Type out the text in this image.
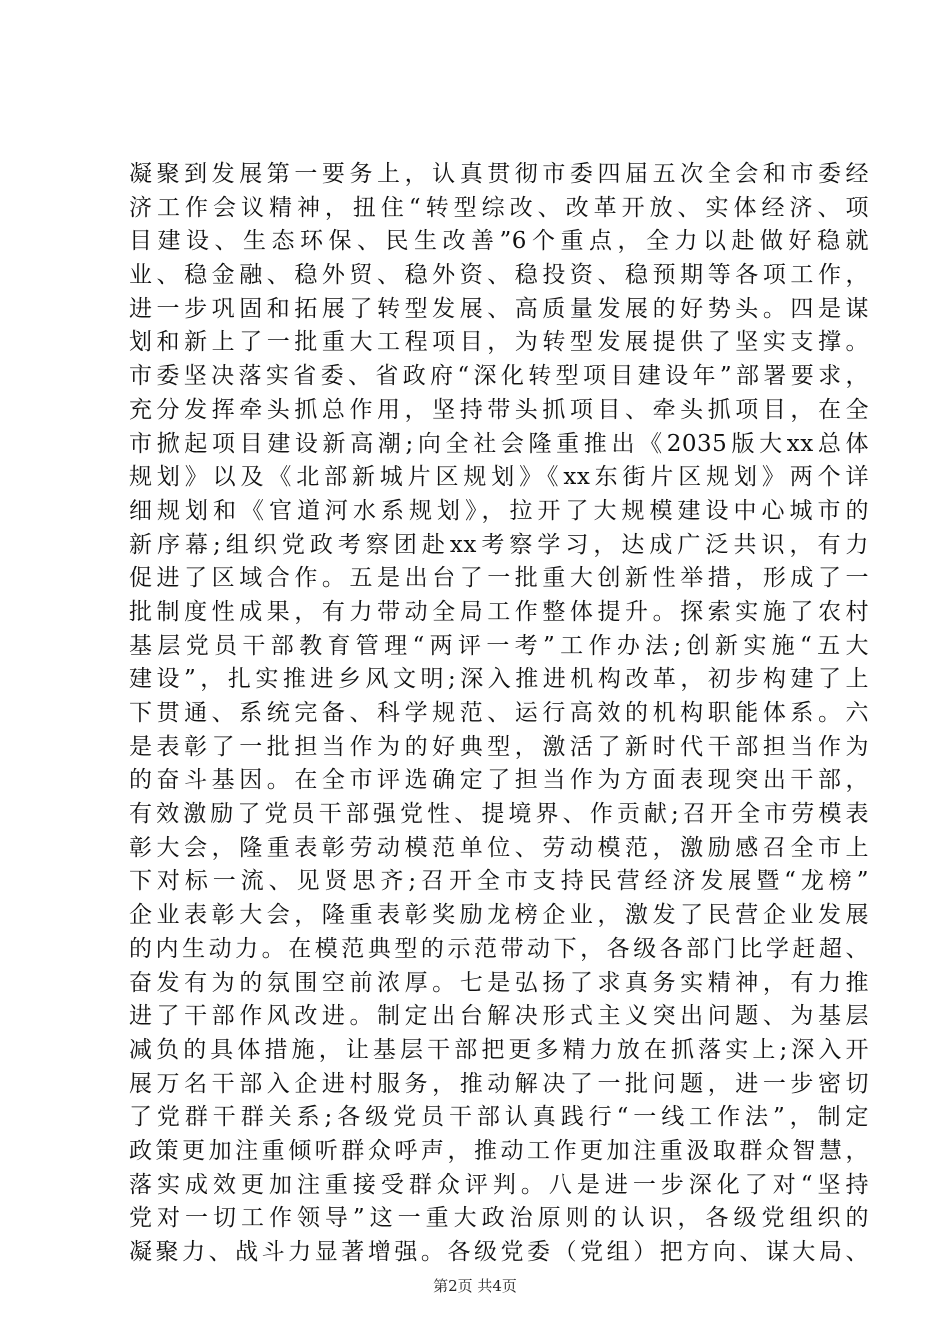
凝聚到发展第一要务上，认真贯彻市委四届五次全会和市委经
济工作会议精神，扭住“转型综改、改革开放、实体经济、项
目建设、生态环保、民生改善”6个重点，全力以赴做好稳就
业、稳金融、稳外贸、稳外资、稳投资、稳预期等各项工作，
进一步巩固和拓展了转型发展、高质量发展的好势头。四是谋
划和新上了一批重大工程项目，为转型发展提供了坚实支撑。
市委坚决落实省委、省政府“深化转型项目建设年”部署要求，
充分发挥牵头抓总作用，坚持带头抓项目、牵头抓项目，在全
市掀起项目建设新高潮;向全社会隆重推出《2035版大xx总体
规划》以及《北部新城片区规划》《xx东街片区规划》两个详
细规划和《官道河水系规划》，拉开了大规模建设中心城市的
新序幕;组织党政考察团赴xx考察学习，达成广泛共识，有力
促进了区域合作。五是出台了一批重大创新性举措，形成了一
批制度性成果，有力带动全局工作整体提升。探索实施了农村
基层党员干部教育管理“两评一考”工作办法;创新实施“五大
建设”，扎实推进乡风文明;深入推进机构改革，初步构建了上
下贯通、系统完备、科学规范、运行高效的机构职能体系。六
是表彰了一批担当作为的好典型，激活了新时代干部担当作为
的奋斗基因。在全市评选确定了担当作为方面表现突出干部，
有效激励了党员干部强党性、提境界、作贡献;召开全市劳模表
彰大会，隆重表彰劳动模范单位、劳动模范，激励感召全市上
下对标一流、见贤思齐;召开全市支持民营经济发展暨“龙榜”
企业表彰大会，隆重表彰奖励龙榜企业，激发了民营企业发展
的内生动力。在模范典型的示范带动下，各级各部门比学赶超、
奋发有为的氛围空前浓厚。七是弘扬了求真务实精神，有力推
进了干部作风改进。制定出台解决形式主义突出问题、为基层
减负的具体措施，让基层干部把更多精力放在抓落实上;深入开
展万名干部入企进村服务，推动解决了一批问题，进一步密切
了党群干群关系;各级党员干部认真践行“一线工作法”，制定
政策更加注重倾听群众呼声，推动工作更加注重汲取群众智慧，
落实成效更加注重接受群众评判。八是进一步深化了对“坚持
党对一切工作领导”这一重大政治原则的认识，各级党组织的
凝聚力、战斗力显著增强。各级党委（党组）把方向、谋大局、
第2页 共4页
